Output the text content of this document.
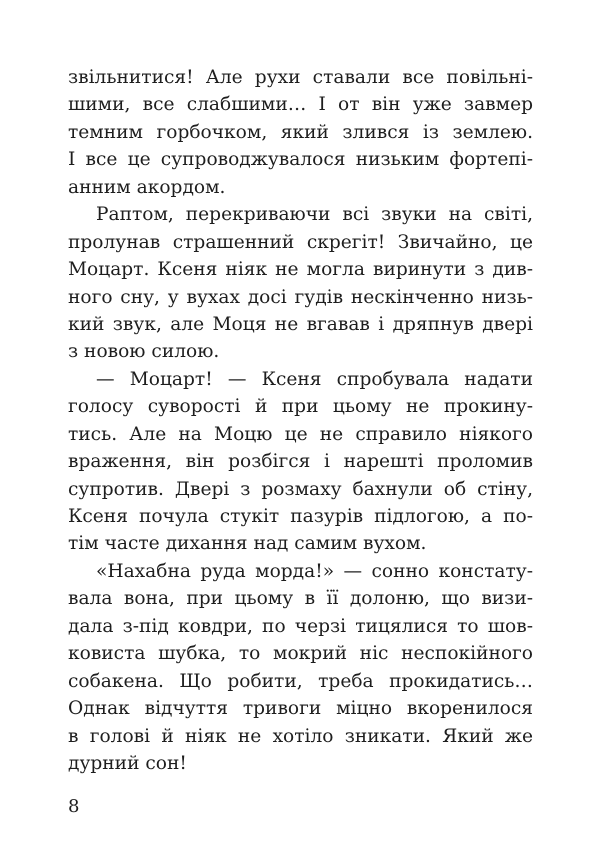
звільнитися! Але рухи ставали все повільні-
шими, все слабшими… І от він уже завмер
темним горбочком, який злився із землею.
І все це супроводжувалося низьким фортепі-
анним акордом.
Раптом, перекриваючи всі звуки на світі,
пролунав страшенний скрегіт! Звичайно, це
Моцарт. Ксеня ніяк не могла виринути з див-
ного сну, у вухах досі гудів нескінченно низь-
кий звук, але Моця не вгавав і дряпнув двері
з новою силою.
— Моцарт! — Ксеня спробувала надати
голосу суворості й при цьому не прокину-
тись. Але на Моцю це не справило ніякого
враження, він розбігся і нарешті проломив
супротив. Двері з розмаху бахнули об стіну,
Ксеня почула стукіт пазурів підлогою, а по-
тім часте дихання над самим вухом.
«Нахабна руда морда!» — сонно констату-
вала вона, при цьому в її долоню, що визи-
дала з-під ковдри, по черзі тицялися то шов-
ковиста шубка, то мокрий ніс неспокійного
собакена. Що робити, треба прокидатись…
Однак відчуття тривоги міцно вкоренилося
в голові й ніяк не хотіло зникати. Який же
дурний сон!
8
